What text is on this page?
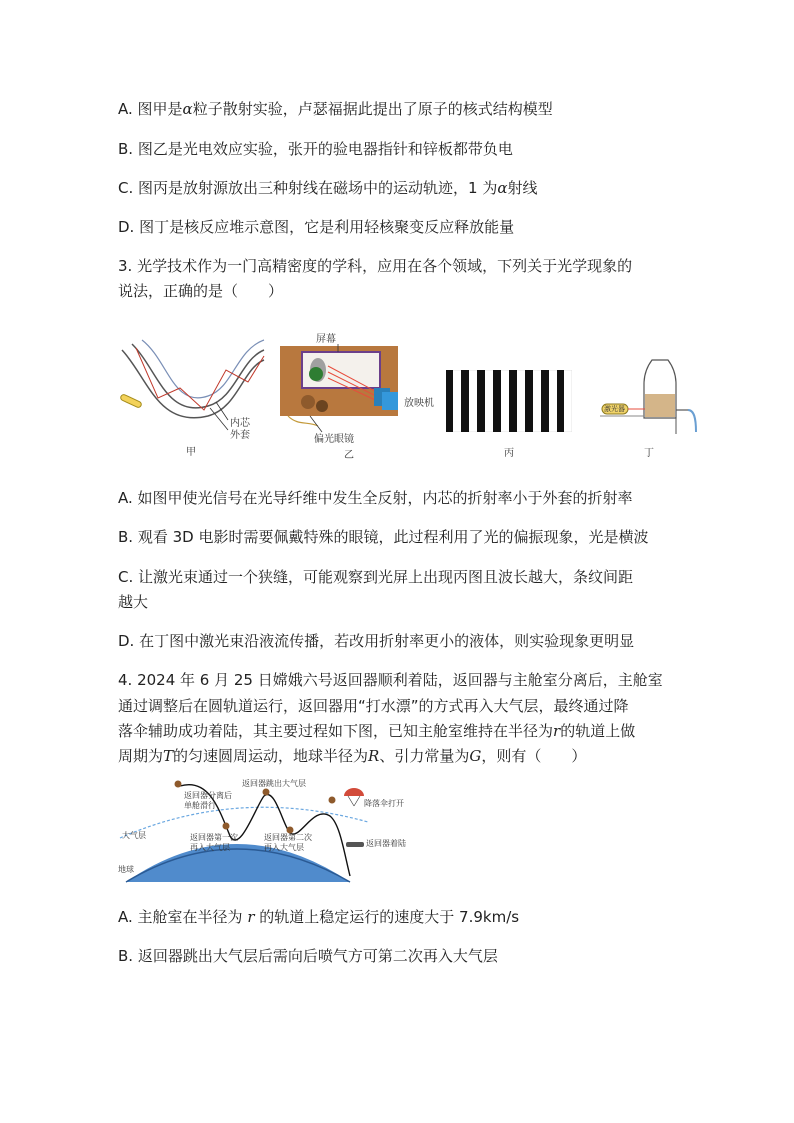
A. 图甲是α粒子散射实验，卢瑟福据此提出了原子的核式结构模型
B. 图乙是光电效应实验，张开的验电器指针和锌板都带负电
C. 图丙是放射源放出三种射线在磁场中的运动轨迹，1 为α射线
D. 图丁是核反应堆示意图，它是利用轻核聚变反应释放能量
3. 光学技术作为一门高精密度的学科，应用在各个领域，下列关于光学现象的
说法，正确的是（　　）
内芯
外套
甲
屏幕
放映机
偏光眼镜
乙	丙
激光器
丁
A. 如图甲使光信号在光导纤维中发生全反射，内芯的折射率小于外套的折射率
B. 观看 3D 电影时需要佩戴特殊的眼镜，此过程利用了光的偏振现象，光是横波
C. 让激光束通过一个狭缝，可能观察到光屏上出现丙图且波长越大，条纹间距
越大
D. 在丁图中激光束沿液流传播，若改用折射率更小的液体，则实验现象更明显
4. 2024 年 6 月 25 日嫦娥六号返回器顺利着陆，返回器与主舱室分离后，主舱室
通过调整后在圆轨道运行，返回器用“打水漂”的方式再入大气层，最终通过降
落伞辅助成功着陆，其主要过程如下图，已知主舱室维持在半径为r的轨道上做
周期为T的匀速圆周运动，地球半径为R、引力常量为G，则有（　　）
返回器分离后
单舱滑行
返回器跳出大气层
降落伞打开
大气层	返回器第一次
再入大气层
返回器第二次
再入大气层	返回器着陆
地球
A. 主舱室在半径为 r 的轨道上稳定运行的速度大于 7.9km/s
B. 返回器跳出大气层后需向后喷气方可第二次再入大气层
